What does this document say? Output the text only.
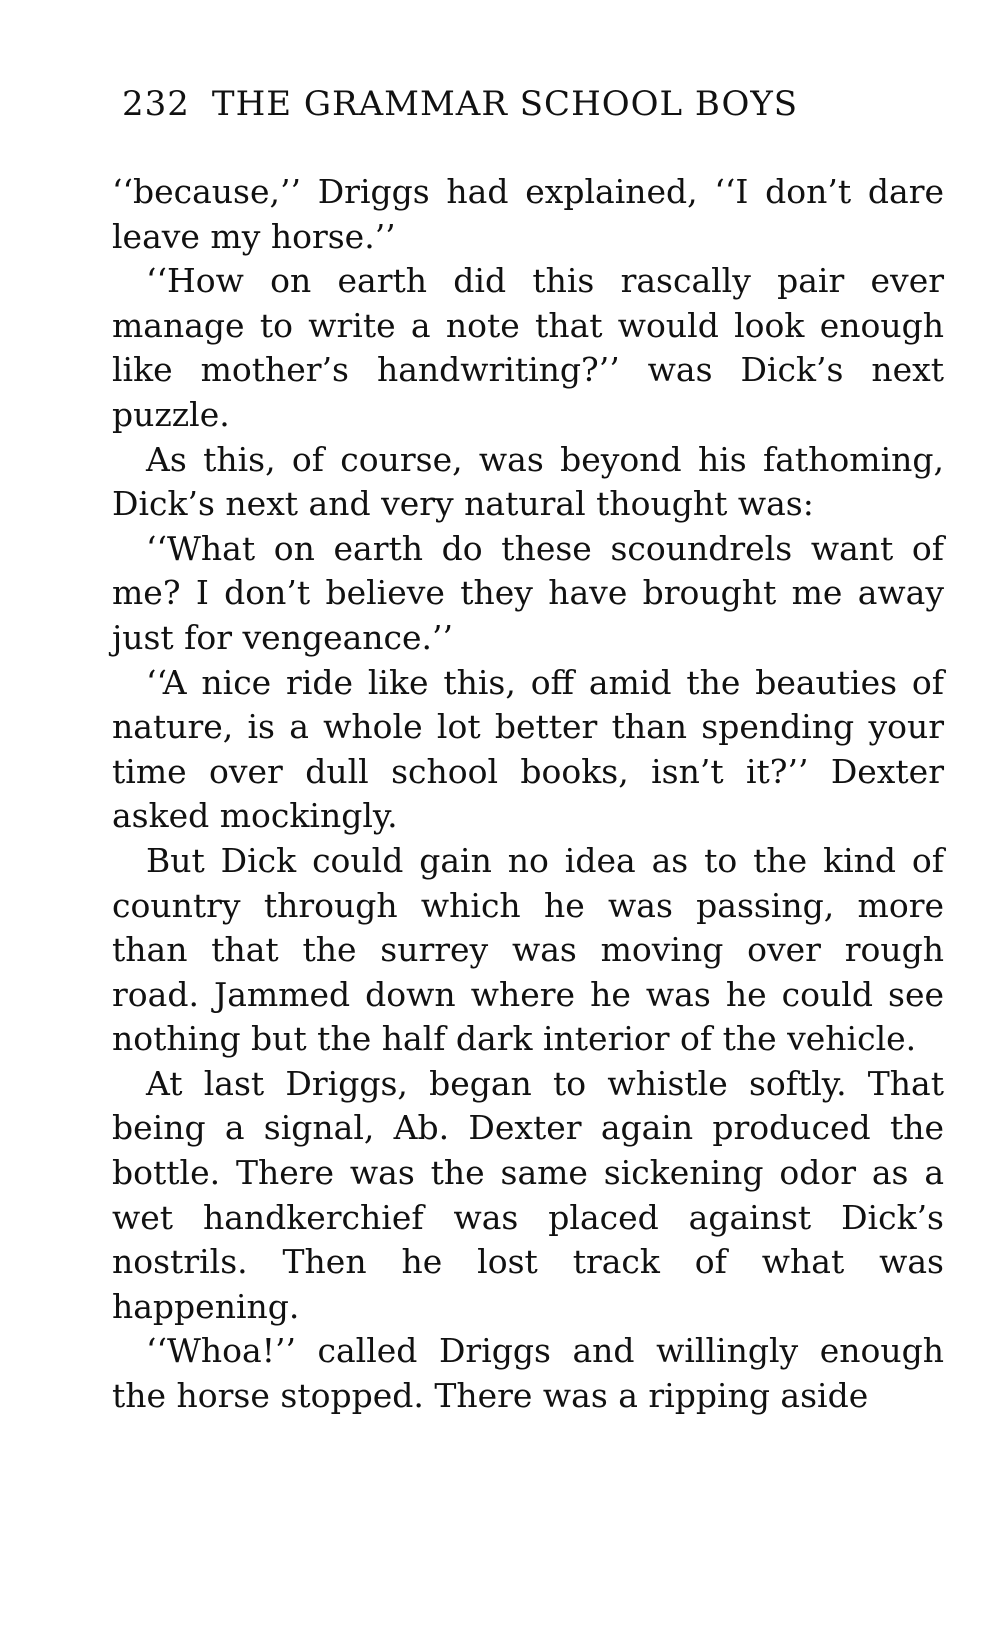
232 THE GRAMMAR SCHOOL BOYS

‘‘because,’’ Driggs had explained, ‘‘I don’t dare leave my horse.’’

‘‘How on earth did this rascally pair ever manage to write a note that would look enough like mother’s handwriting?’’ was Dick’s next puzzle.

As this, of course, was beyond his fathoming, Dick’s next and very natural thought was:

‘‘What on earth do these scoundrels want of me? I don’t believe they have brought me away just for vengeance.’’

‘‘A nice ride like this, off amid the beauties of nature, is a whole lot better than spending your time over dull school books, isn’t it?’’ Dexter asked mockingly.

But Dick could gain no idea as to the kind of country through which he was passing, more than that the surrey was moving over rough road. Jammed down where he was he could see nothing but the half dark interior of the vehicle.

At last Driggs, began to whistle softly. That being a signal, Ab. Dexter again produced the bottle. There was the same sickening odor as a wet handkerchief was placed against Dick’s nostrils. Then he lost track of what was happening.

‘‘Whoa!’’ called Driggs and willingly enough the horse stopped. There was a ripping aside
